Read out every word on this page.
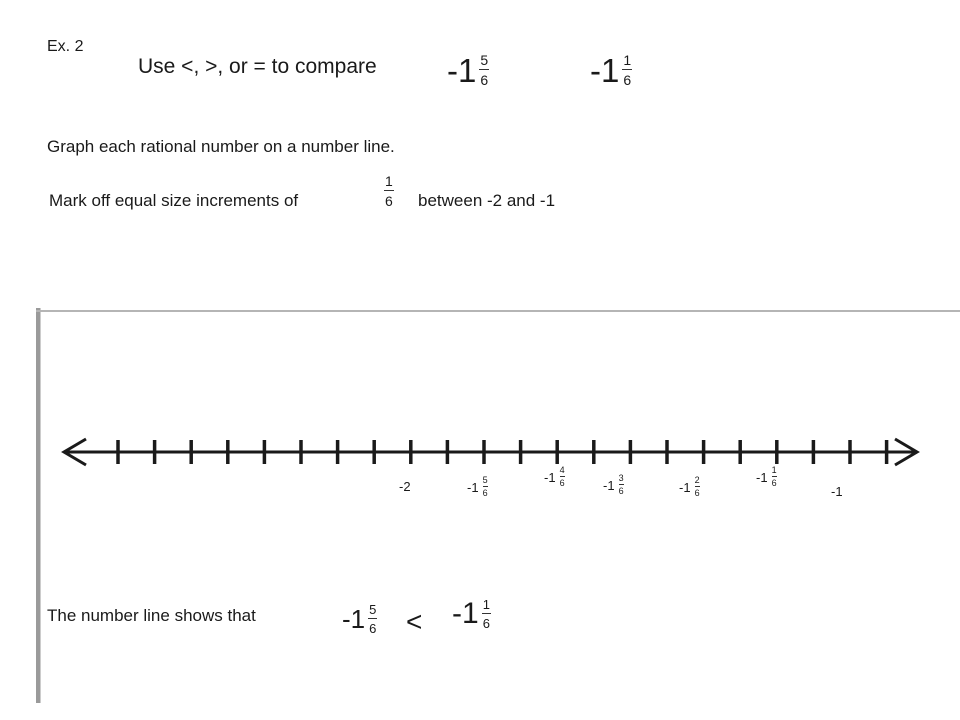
Ex. 2
Use <, >, or = to compare $-1 \frac{5}{6}$	$-1 \frac{1}{6}$
Graph each rational number on a number line.
Mark off equal size increments of	$\frac{1}{6}$ between -2 and -1
-2	$-1 \frac{5}{6}$	$-1 \frac{4}{6}$	$-1 \frac{3}{6}$	$-1 \frac{2}{6}$	$-1 \frac{1}{6}$
-1
The number line shows that	$-1 \frac{5}{6} < -1 \frac{1}{6}$
